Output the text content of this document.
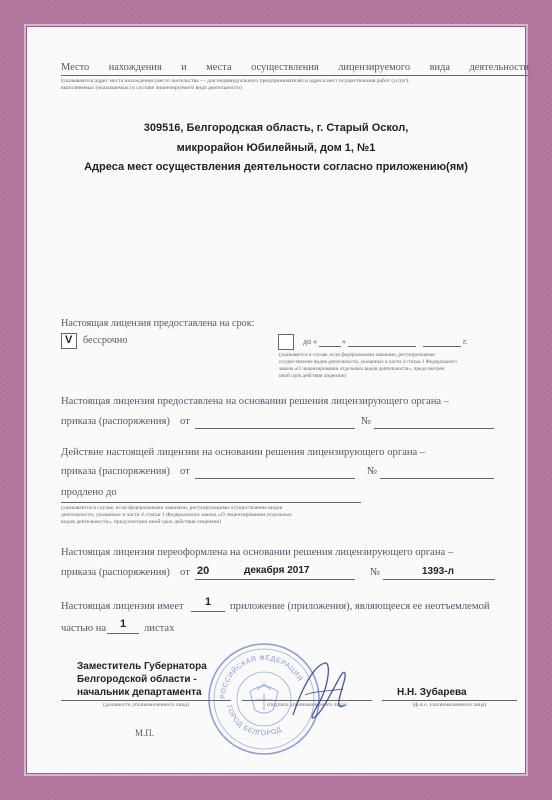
Место нахождения и места осуществления лицензируемого вида деятельности
(указываются адрес места нахождения (место жительства — для индивидуального предпринимателя) и адреса мест осуществления работ (услуг),
выполняемых (оказываемых) в составе лицензируемого вида деятельности)
309516, Белгородская область, г. Старый Оскол,
микрорайон Юбилейный, дом 1, №1
Адреса мест осуществления деятельности согласно приложению(ям)
Настоящая лицензия предоставлена на срок:
V бессрочно	до «	»	г.
(указывается в случае, если федеральными законами, регулирующими
осуществление видов деятельности, указанных в части 4 статьи 1 Федерального
закона «О лицензировании отдельных видов деятельности», предусмотрен
иной срок действия лицензии)
Настоящая лицензия предоставлена на основании решения лицензирующего органа –
приказа (распоряжения) от	№
Действие настоящей лицензии на основании решения лицензирующего органа –
приказа (распоряжения) от	№
продлено до
(указывается в случае, если федеральными законами, регулирующими осуществление видов
деятельности, указанных в части 4 статьи 1 Федерального закона «О лицензировании отдельных
видов деятельности», предусмотрен иной срок действия лицензии)
Настоящая лицензия переоформлена на основании решения лицензирующего органа –
приказа (распоряжения) от 20	декабря 2017	№	1393-л
Настоящая лицензия имеет	1	приложение (приложения), являющееся ее неотъемлемой
частью на	1	листах
Заместитель Губернатора
Белгородской области -
начальник департамента
(должность уполномоченного лица)	(подпись уполномоченного лица)
Н.Н. Зубарева
(ф.и.о. уполномоченного лица)
М.П.
РОССИЙСКАЯ ФЕДЕРАЦИЯ
ГОРОД БЕЛГОРОД
